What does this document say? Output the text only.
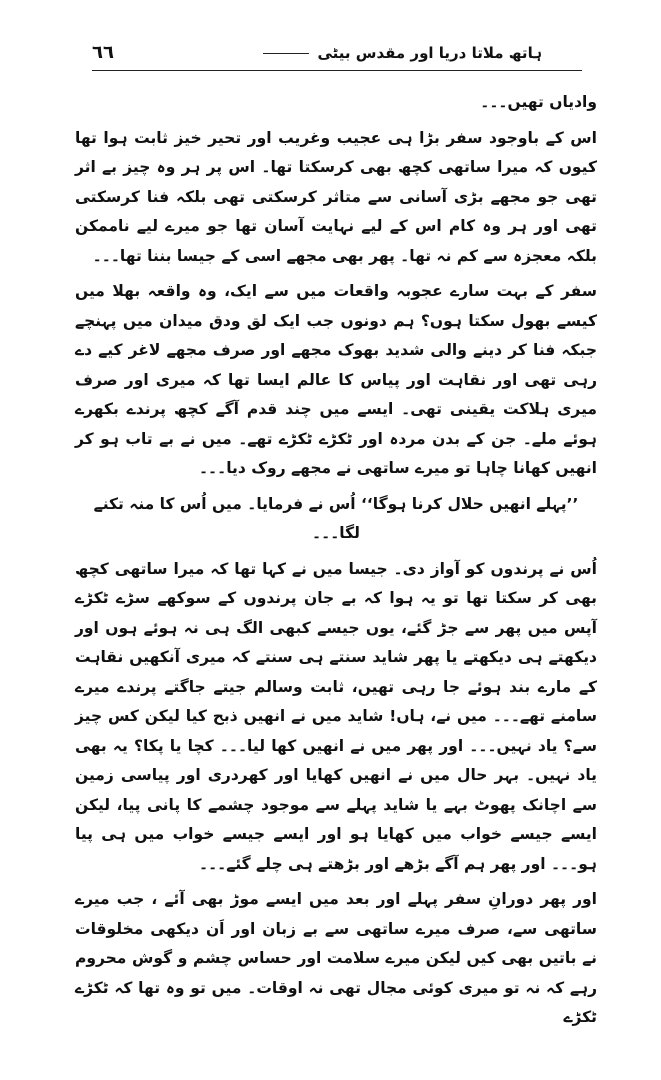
٦٦	ہاتھ ملاتا دریا اور مقدس بیٹی

وادیاں تھیں۔۔۔

اس کے باوجود سفر بڑا ہی عجیب وغریب اور تحیر خیز ثابت ہوا تھا کیوں کہ میرا ساتھی کچھ بھی کرسکتا تھا۔ اس پر ہر وہ چیز بے اثر تھی جو مجھے بڑی آسانی سے متاثر کرسکتی تھی بلکہ فنا کرسکتی تھی اور ہر وہ کام اس کے لیے نہایت آسان تھا جو میرے لیے ناممکن بلکہ معجزہ سے کم نہ تھا۔ پھر بھی مجھے اسی کے جیسا بننا تھا۔۔۔

سفر کے بہت سارے عجوبہ واقعات میں سے ایک، وہ واقعہ بھلا میں کیسے بھول سکتا ہوں؟ ہم دونوں جب ایک لق ودق میدان میں پہنچے جبکہ فنا کر دینے والی شدید بھوک مجھے اور صرف مجھے لاغر کیے دے رہی تھی اور نقاہت اور پیاس کا عالم ایسا تھا کہ میری اور صرف میری ہلاکت یقینی تھی۔ ایسے میں چند قدم آگے کچھ پرندے بکھرے ہوئے ملے۔ جن کے بدن مردہ اور ٹکڑے ٹکڑے تھے۔ میں نے بے تاب ہو کر انھیں کھانا چاہا تو میرے ساتھی نے مجھے روک دیا۔۔۔

’’پہلے انھیں حلال کرنا ہوگا‘‘ اُس نے فرمایا۔ میں اُس کا منہ تکنے لگا۔۔۔

اُس نے پرندوں کو آواز دی۔ جیسا میں نے کہا تھا کہ میرا ساتھی کچھ بھی کر سکتا تھا تو یہ ہوا کہ بے جان پرندوں کے سوکھے سڑے ٹکڑے آپس میں پھر سے جڑ گئے، یوں جیسے کبھی الگ ہی نہ ہوئے ہوں اور دیکھتے ہی دیکھتے یا پھر شاید سنتے ہی سنتے کہ میری آنکھیں نقاہت کے مارے بند ہوئے جا رہی تھیں، ثابت وسالم جیتے جاگتے پرندے میرے سامنے تھے۔۔۔ میں نے، ہاں! شاید میں نے انھیں ذبح کیا لیکن کس چیز سے؟ یاد نہیں۔۔۔ اور پھر میں نے انھیں کھا لیا۔۔۔ کچا یا پکا؟ یہ بھی یاد نہیں۔ بہر حال میں نے انھیں کھایا اور کھردری اور پیاسی زمین سے اچانک پھوٹ بہے یا شاید پہلے سے موجود چشمے کا پانی پیا، لیکن ایسے جیسے خواب میں کھایا ہو اور ایسے جیسے خواب میں ہی پیا ہو۔۔۔ اور پھر ہم آگے بڑھے اور بڑھتے ہی چلے گئے۔۔۔

اور پھر دورانِ سفر پہلے اور بعد میں ایسے موڑ بھی آئے ، جب میرے ساتھی سے، صرف میرے ساتھی سے بے زبان اور اَن دیکھی مخلوقات نے باتیں بھی کیں لیکن میرے سلامت اور حساس چشم و گوش محروم رہے کہ نہ تو میری کوئی مجال تھی نہ اوقات۔ میں تو وہ تھا کہ ٹکڑے ٹکڑے
